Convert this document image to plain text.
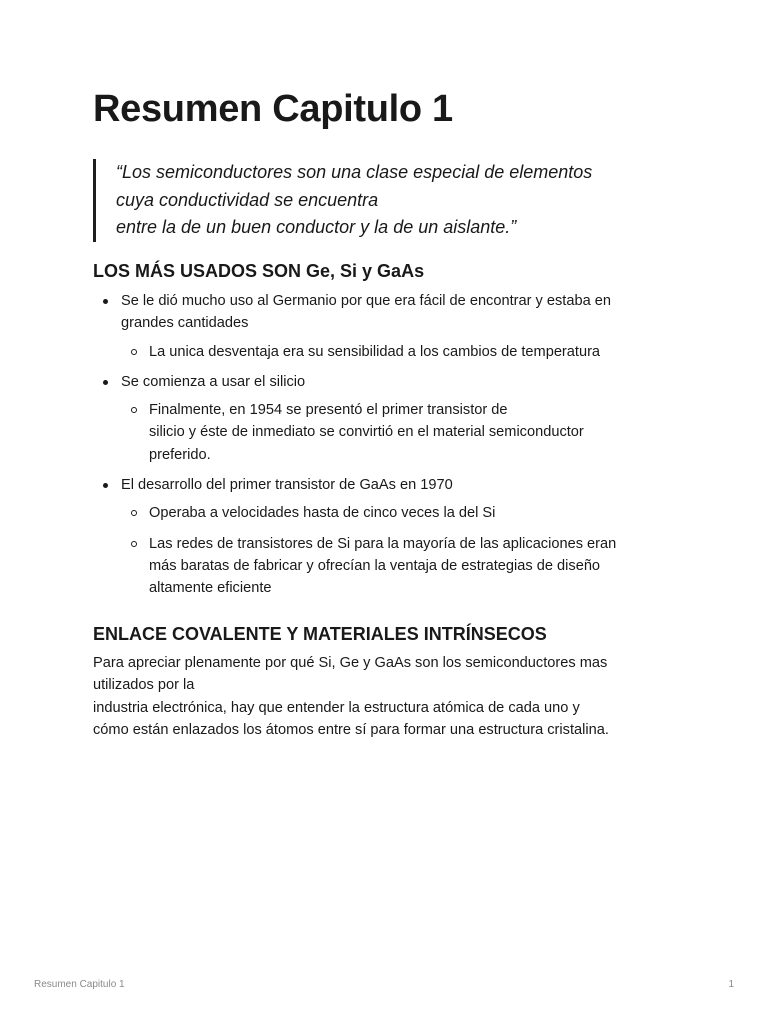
Resumen Capitulo 1
“Los semiconductores son una clase especial de elementos
cuya conductividad se encuentra
entre la de un buen conductor y la de un aislante.”
LOS MÁS USADOS SON Ge, Si y GaAs
Se le dió mucho uso al Germanio por que era fácil de encontrar y estaba en
grandes cantidades
La unica desventaja era su sensibilidad a los cambios de temperatura
Se comienza a usar el silicio
Finalmente, en 1954 se presentó el primer transistor de
silicio y éste de inmediato se convirtió en el material semiconductor
preferido.
El desarrollo del primer transistor de GaAs en 1970
Operaba a velocidades hasta de cinco veces la del Si
Las redes de transistores de Si para la mayoría de las aplicaciones eran
más baratas de fabricar y ofrecían la ventaja de estrategias de diseño
altamente eficiente
ENLACE COVALENTE Y MATERIALES INTRÍNSECOS

Para apreciar plenamente por qué Si, Ge y GaAs son los semiconductores mas
utilizados por la
industria electrónica, hay que entender la estructura atómica de cada uno y
cómo están enlazados los átomos entre sí para formar una estructura cristalina.

Resumen Capitulo 1	1
